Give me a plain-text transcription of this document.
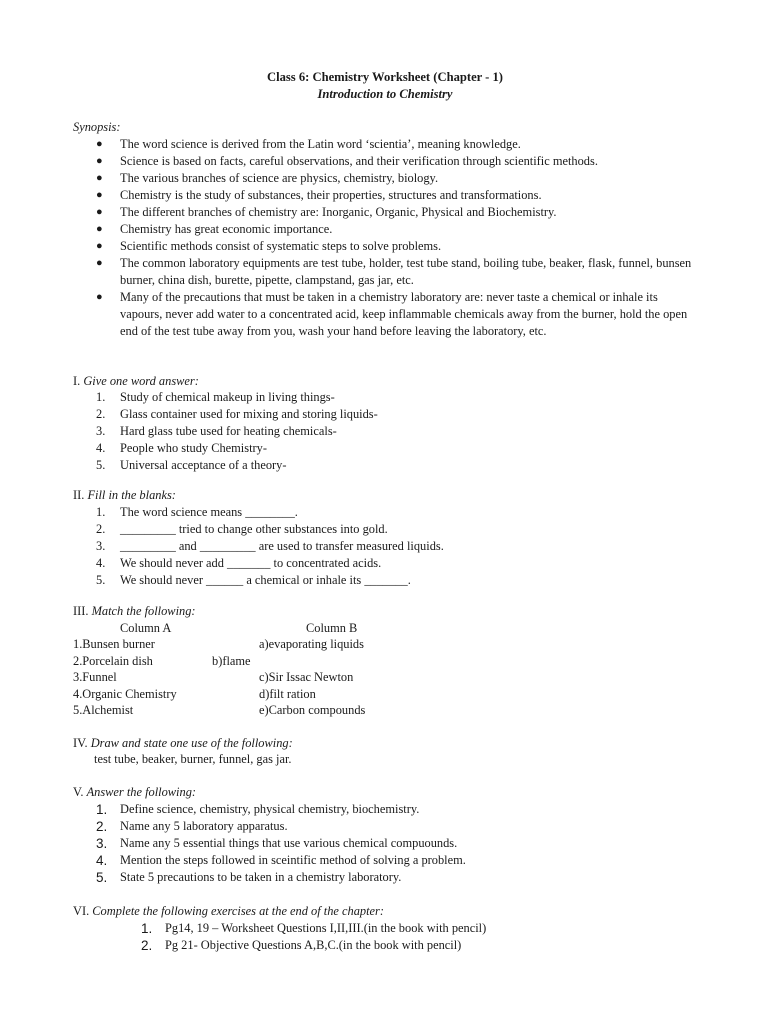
Class 6: Chemistry Worksheet (Chapter - 1)
Introduction to Chemistry
Synopsis:
● The word science is derived from the Latin word ‘scientia’, meaning knowledge.
● Science is based on facts, careful observations, and their verification through scientific methods.
● The various branches of science are physics, chemistry, biology.
● Chemistry is the study of substances, their properties, structures and transformations.
● The different branches of chemistry are: Inorganic, Organic, Physical and Biochemistry.
● Chemistry has great economic importance.
● Scientific methods consist of systematic steps to solve problems.
● The common laboratory equipments are test tube, holder, test tube stand, boiling tube, beaker, flask, funnel, bunsen burner, china dish, burette, pipette, clampstand, gas jar, etc.
● Many of the precautions that must be taken in a chemistry laboratory are: never taste a chemical or inhale its vapours, never add water to a concentrated acid, keep inflammable chemicals away from the burner, hold the open end of the test tube away from you, wash your hand before leaving the laboratory, etc.
I. Give one word answer:
1. Study of chemical makeup in living things-
2. Glass container used for mixing and storing liquids-
3. Hard glass tube used for heating chemicals-
4. People who study Chemistry-
5. Universal acceptance of a theory-
II. Fill in the blanks:
1. The word science means ________.
2. _________ tried to change other substances into gold.
3. _________ and _________ are used to transfer measured liquids.
4. We should never add _______ to concentrated acids.
5. We should never ______ a chemical or inhale its _______.
III. Match the following:
Column A	Column B
1.Bunsen burner
2.Porcelain dish
3.Funnel
4.Organic Chemistry
5.Alchemist
a)evaporating liquids
b)flame
c)Sir Issac Newton
d)filt ration
e)Carbon compounds
IV. Draw and state one use of the following:
test tube, beaker, burner, funnel, gas jar.
V. Answer the following:
1. Define science, chemistry, physical chemistry, biochemistry.
2. Name any 5 laboratory apparatus.
3. Name any 5 essential things that use various chemical compuounds.
4. Mention the steps followed in sceintific method of solving a problem.
5. State 5 precautions to be taken in a chemistry laboratory.
VI. Complete the following exercises at the end of the chapter:
1. Pg14, 19 – Worksheet Questions I,II,III.(in the book with pencil)
2. Pg 21- Objective Questions A,B,C.(in the book with pencil)
